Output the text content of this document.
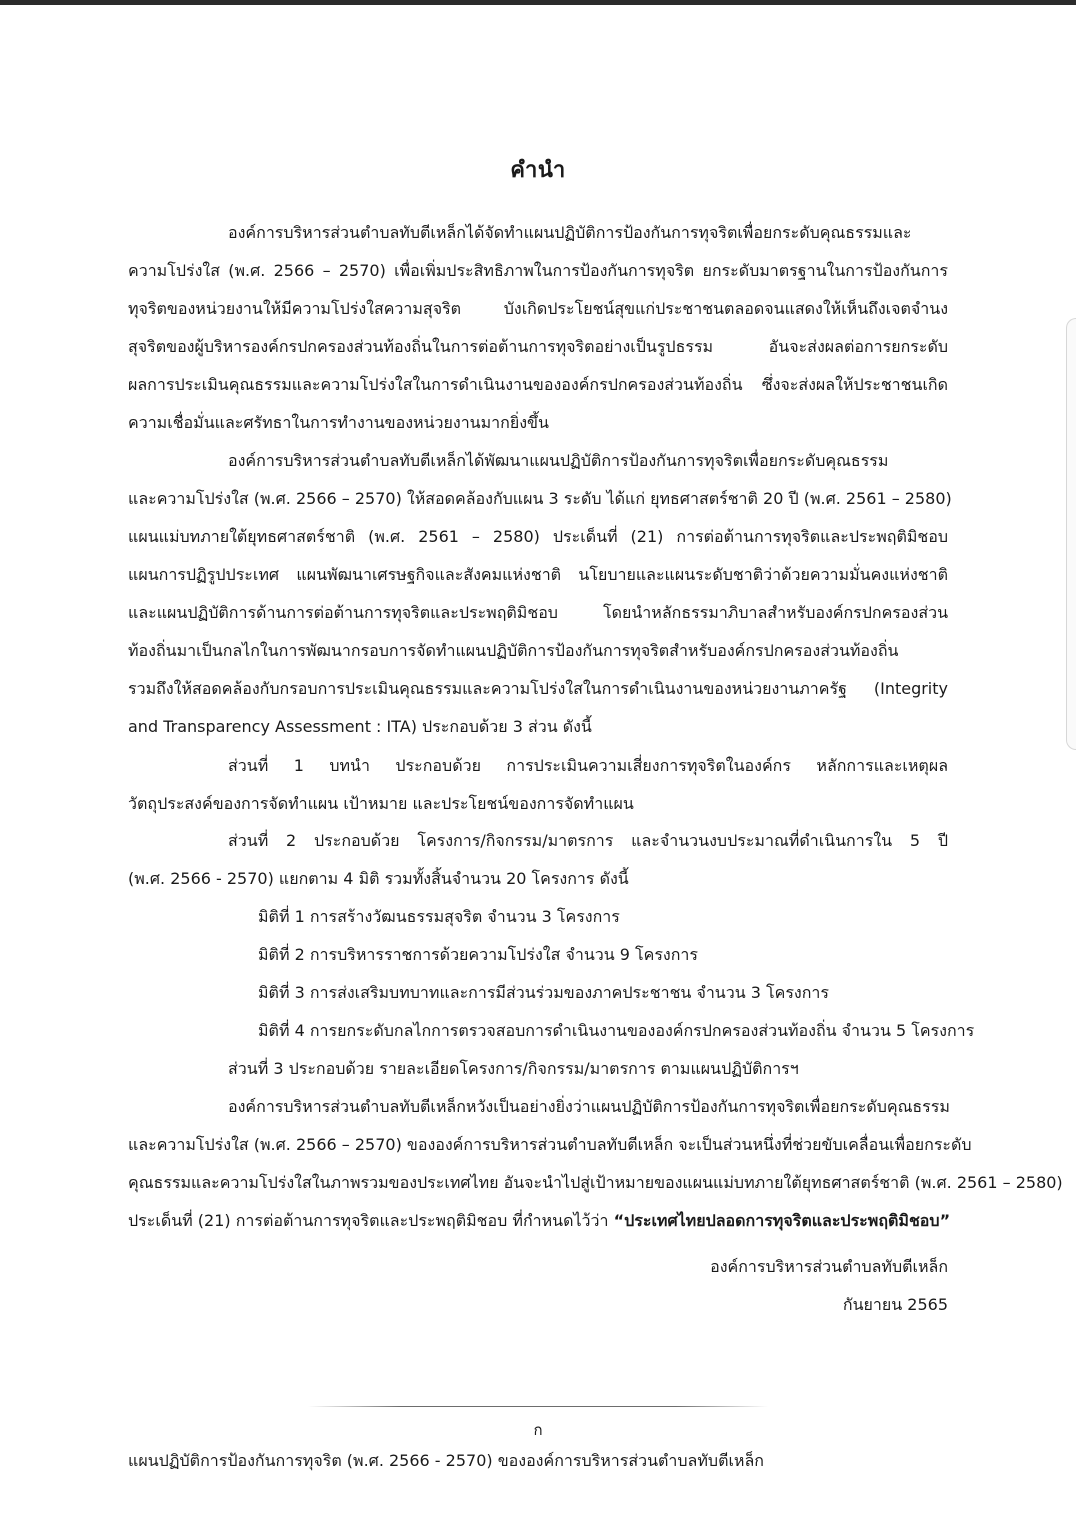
คำนำ
องค์การบริหารส่วนตำบลทับตีเหล็กได้จัดทำแผนปฏิบัติการป้องกันการทุจริตเพื่อยกระดับคุณธรรมและ
ความโปร่งใส (พ.ศ. 2566 – 2570) เพื่อเพิ่มประสิทธิภาพในการป้องกันการทุจริต ยกระดับมาตรฐานในการป้องกันการ
ทุจริตของหน่วยงานให้มีความโปร่งใสความสุจริต บังเกิดประโยชน์สุขแก่ประชาชนตลอดจนแสดงให้เห็นถึงเจตจำนง
สุจริตของผู้บริหารองค์กรปกครองส่วนท้องถิ่นในการต่อต้านการทุจริตอย่างเป็นรูปธรรม อันจะส่งผลต่อการยกระดับ
ผลการประเมินคุณธรรมและความโปร่งใสในการดำเนินงานขององค์กรปกครองส่วนท้องถิ่น ซึ่งจะส่งผลให้ประชาชนเกิด
ความเชื่อมั่นและศรัทธาในการทำงานของหน่วยงานมากยิ่งขึ้น
องค์การบริหารส่วนตำบลทับตีเหล็กได้พัฒนาแผนปฏิบัติการป้องกันการทุจริตเพื่อยกระดับคุณธรรม
และความโปร่งใส (พ.ศ. 2566 – 2570) ให้สอดคล้องกับแผน 3 ระดับ ได้แก่ ยุทธศาสตร์ชาติ 20 ปี (พ.ศ. 2561 – 2580)
แผนแม่บทภายใต้ยุทธศาสตร์ชาติ (พ.ศ. 2561 – 2580) ประเด็นที่ (21) การต่อต้านการทุจริตและประพฤติมิชอบ
แผนการปฏิรูปประเทศ แผนพัฒนาเศรษฐกิจและสังคมแห่งชาติ นโยบายและแผนระดับชาติว่าด้วยความมั่นคงแห่งชาติ
และแผนปฏิบัติการด้านการต่อต้านการทุจริตและประพฤติมิชอบ โดยนำหลักธรรมาภิบาลสำหรับองค์กรปกครองส่วน
ท้องถิ่นมาเป็นกลไกในการพัฒนากรอบการจัดทำแผนปฏิบัติการป้องกันการทุจริตสำหรับองค์กรปกครองส่วนท้องถิ่น
รวมถึงให้สอดคล้องกับกรอบการประเมินคุณธรรมและความโปร่งใสในการดำเนินงานของหน่วยงานภาครัฐ (Integrity
and Transparency Assessment : ITA) ประกอบด้วย 3 ส่วน ดังนี้
ส่วนที่ 1 บทนำ ประกอบด้วย การประเมินความเสี่ยงการทุจริตในองค์กร หลักการและเหตุผล
วัตถุประสงค์ของการจัดทำแผน เป้าหมาย และประโยชน์ของการจัดทำแผน
ส่วนที่ 2 ประกอบด้วย โครงการ/กิจกรรม/มาตรการ และจำนวนงบประมาณที่ดำเนินการใน 5 ปี
(พ.ศ. 2566 - 2570) แยกตาม 4 มิติ รวมทั้งสิ้นจำนวน 20 โครงการ ดังนี้
มิติที่ 1 การสร้างวัฒนธรรมสุจริต จำนวน 3 โครงการ
มิติที่ 2 การบริหารราชการด้วยความโปร่งใส จำนวน 9 โครงการ
มิติที่ 3 การส่งเสริมบทบาทและการมีส่วนร่วมของภาคประชาชน จำนวน 3 โครงการ
มิติที่ 4 การยกระดับกลไกการตรวจสอบการดำเนินงานขององค์กรปกครองส่วนท้องถิ่น จำนวน 5 โครงการ
ส่วนที่ 3 ประกอบด้วย รายละเอียดโครงการ/กิจกรรม/มาตรการ ตามแผนปฏิบัติการฯ
องค์การบริหารส่วนตำบลทับตีเหล็กหวังเป็นอย่างยิ่งว่าแผนปฏิบัติการป้องกันการทุจริตเพื่อยกระดับคุณธรรม
และความโปร่งใส (พ.ศ. 2566 – 2570) ขององค์การบริหารส่วนตำบลทับตีเหล็ก จะเป็นส่วนหนึ่งที่ช่วยขับเคลื่อนเพื่อยกระดับ
คุณธรรมและความโปร่งใสในภาพรวมของประเทศไทย อันจะนำไปสู่เป้าหมายของแผนแม่บทภายใต้ยุทธศาสตร์ชาติ (พ.ศ. 2561 – 2580)
ประเด็นที่ (21) การต่อต้านการทุจริตและประพฤติมิชอบ ที่กำหนดไว้ว่า “ประเทศไทยปลอดการทุจริตและประพฤติมิชอบ”
องค์การบริหารส่วนตำบลทับตีเหล็ก
กันยายน 2565
ก
แผนปฏิบัติการป้องกันการทุจริต (พ.ศ. 2566 - 2570) ขององค์การบริหารส่วนตำบลทับตีเหล็ก
